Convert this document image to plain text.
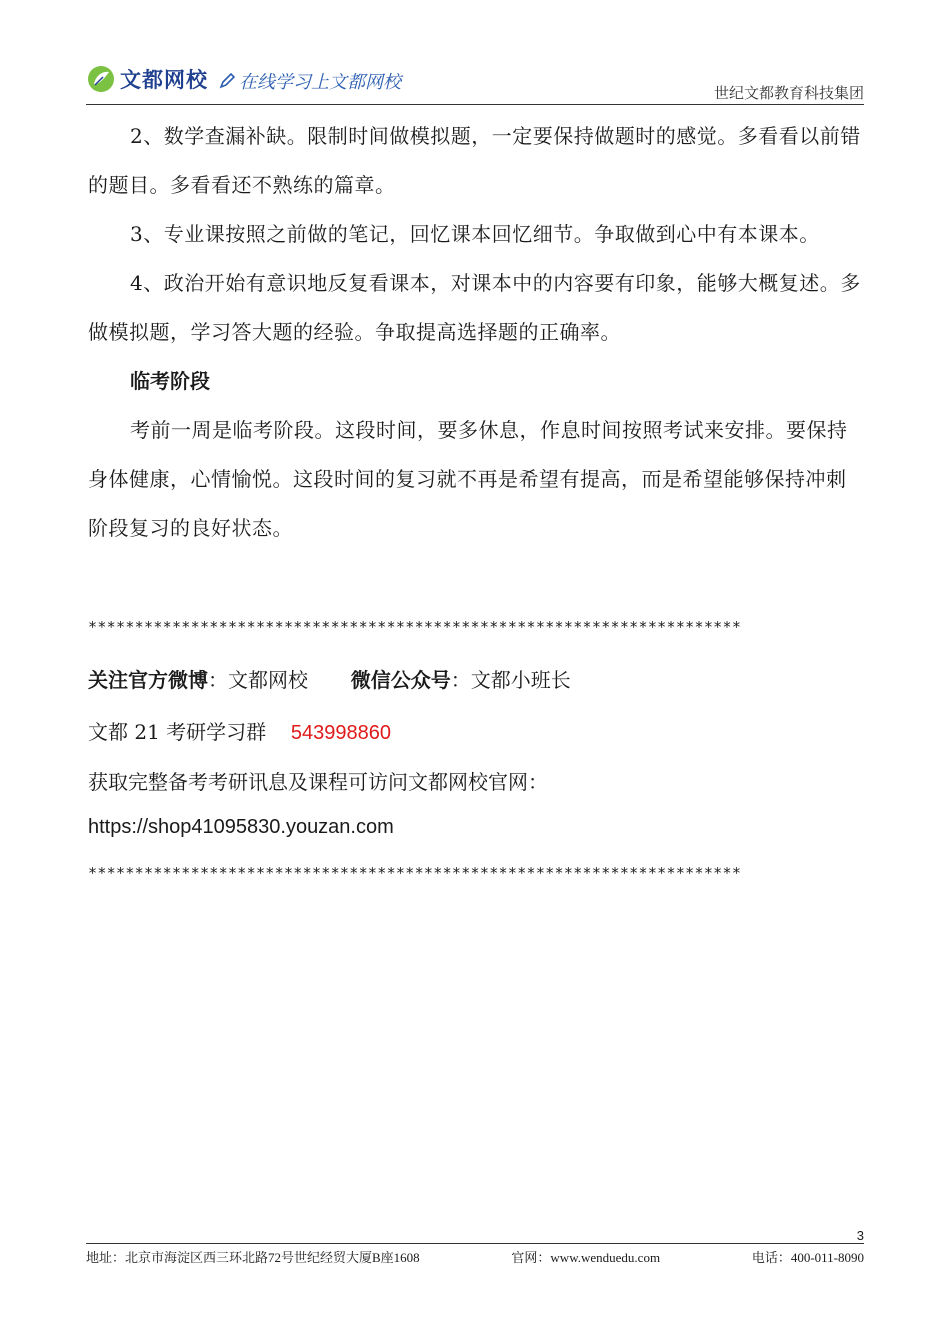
文都网校 在线学习上文都网校	世纪文都教育科技集团

2、数学查漏补缺。限制时间做模拟题，一定要保持做题时的感觉。多看看以前错的题目。多看看还不熟练的篇章。

3、专业课按照之前做的笔记，回忆课本回忆细节。争取做到心中有本课本。

4、政治开始有意识地反复看课本，对课本中的内容要有印象，能够大概复述。多做模拟题，学习答大题的经验。争取提高选择题的正确率。

临考阶段

考前一周是临考阶段。这段时间，要多休息，作息时间按照考试来安排。要保持身体健康，心情愉悦。这段时间的复习就不再是希望有提高，而是希望能够保持冲刺阶段复习的良好状态。

**********************************************************************
关注官方微博：文都网校 微信公众号：文都小班长
文都 21 考研学习群 543998860
获取完整备考考研讯息及课程可访问文都网校官网：
https://shop41095830.youzan.com
**********************************************************************
3
地址：北京市海淀区西三环北路72号世纪经贸大厦B座1608	官网：www.wenduedu.com	电话：400-011-8090
